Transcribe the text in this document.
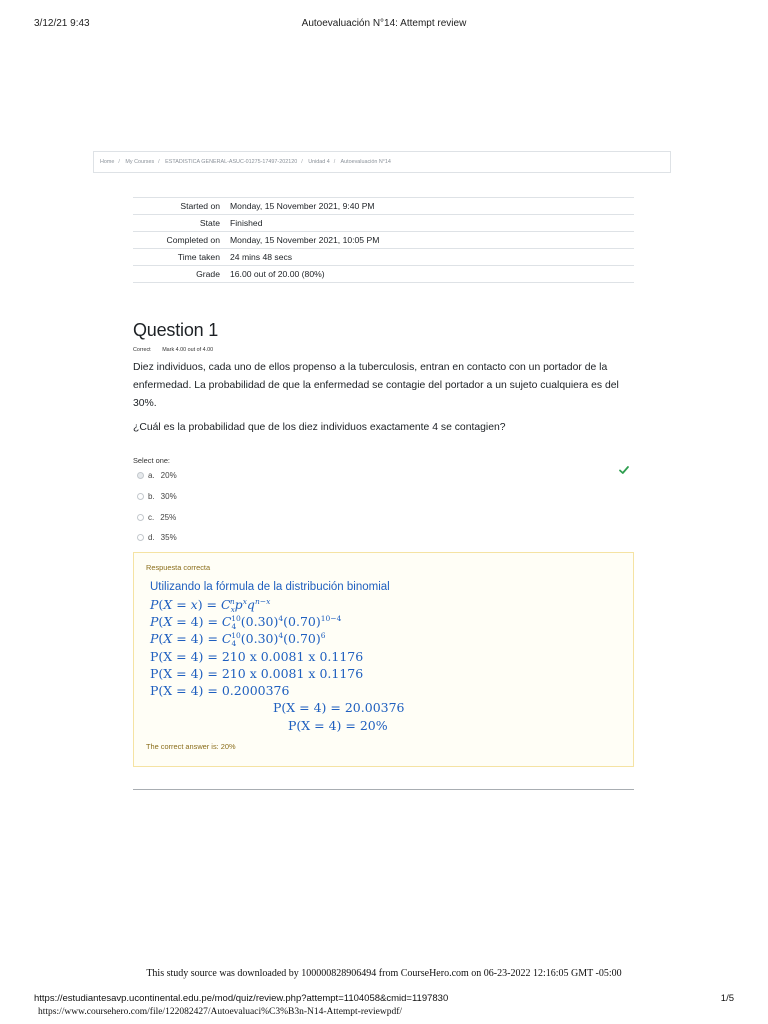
3/12/21 9:43	Autoevaluación N°14: Attempt review
Home / My Courses / ESTADISTICA GENERAL-ASUC-01275-17497-202120 / Unidad 4 / Autoevaluación N°14
Started on	Monday, 15 November 2021, 9:40 PM
State	Finished
Completed on	Monday, 15 November 2021, 10:05 PM
Time taken	24 mins 48 secs
Grade	16.00 out of 20.00 (80%)
Question 1
Correct Mark 4.00 out of 4.00
Diez individuos, cada uno de ellos propenso a la tuberculosis, entran en contacto con un portador de la enfermedad. La probabilidad de que la enfermedad se contagie del portador a un sujeto cualquiera es del 30%.
¿Cuál es la probabilidad que de los diez individuos exactamente 4 se contagien?
Select one:
a. 20%
b. 30%
c. 25%
d. 35%
Respuesta correcta
Utilizando la fórmula de la distribución binomial
$P(X = x) = C_x^np^xq^{n-x}$
$P(X = 4) = C_4^{10}(0.30)^4(0.70)^{10-4}$
$P(X = 4) = C_4^{10}(0.30)^4(0.70)^6$
P(X = 4) = 210 x 0.0081 x 0.1176
P(X = 4) = 210 x 0.0081 x 0.1176
P(X = 4) = 0.2000376
P(X = 4) = 20.00376
P(X = 4) = 20%
The correct answer is: 20%
This study source was downloaded by 100000828906494 from CourseHero.com on 06-23-2022 12:16:05 GMT -05:00
https://estudiantesavp.ucontinental.edu.pe/mod/quiz/review.php?attempt=1104058&cmid=1197830	1/5
https://www.coursehero.com/file/122082427/Autoevaluaci%C3%B3n-N14-Attempt-reviewpdf/
